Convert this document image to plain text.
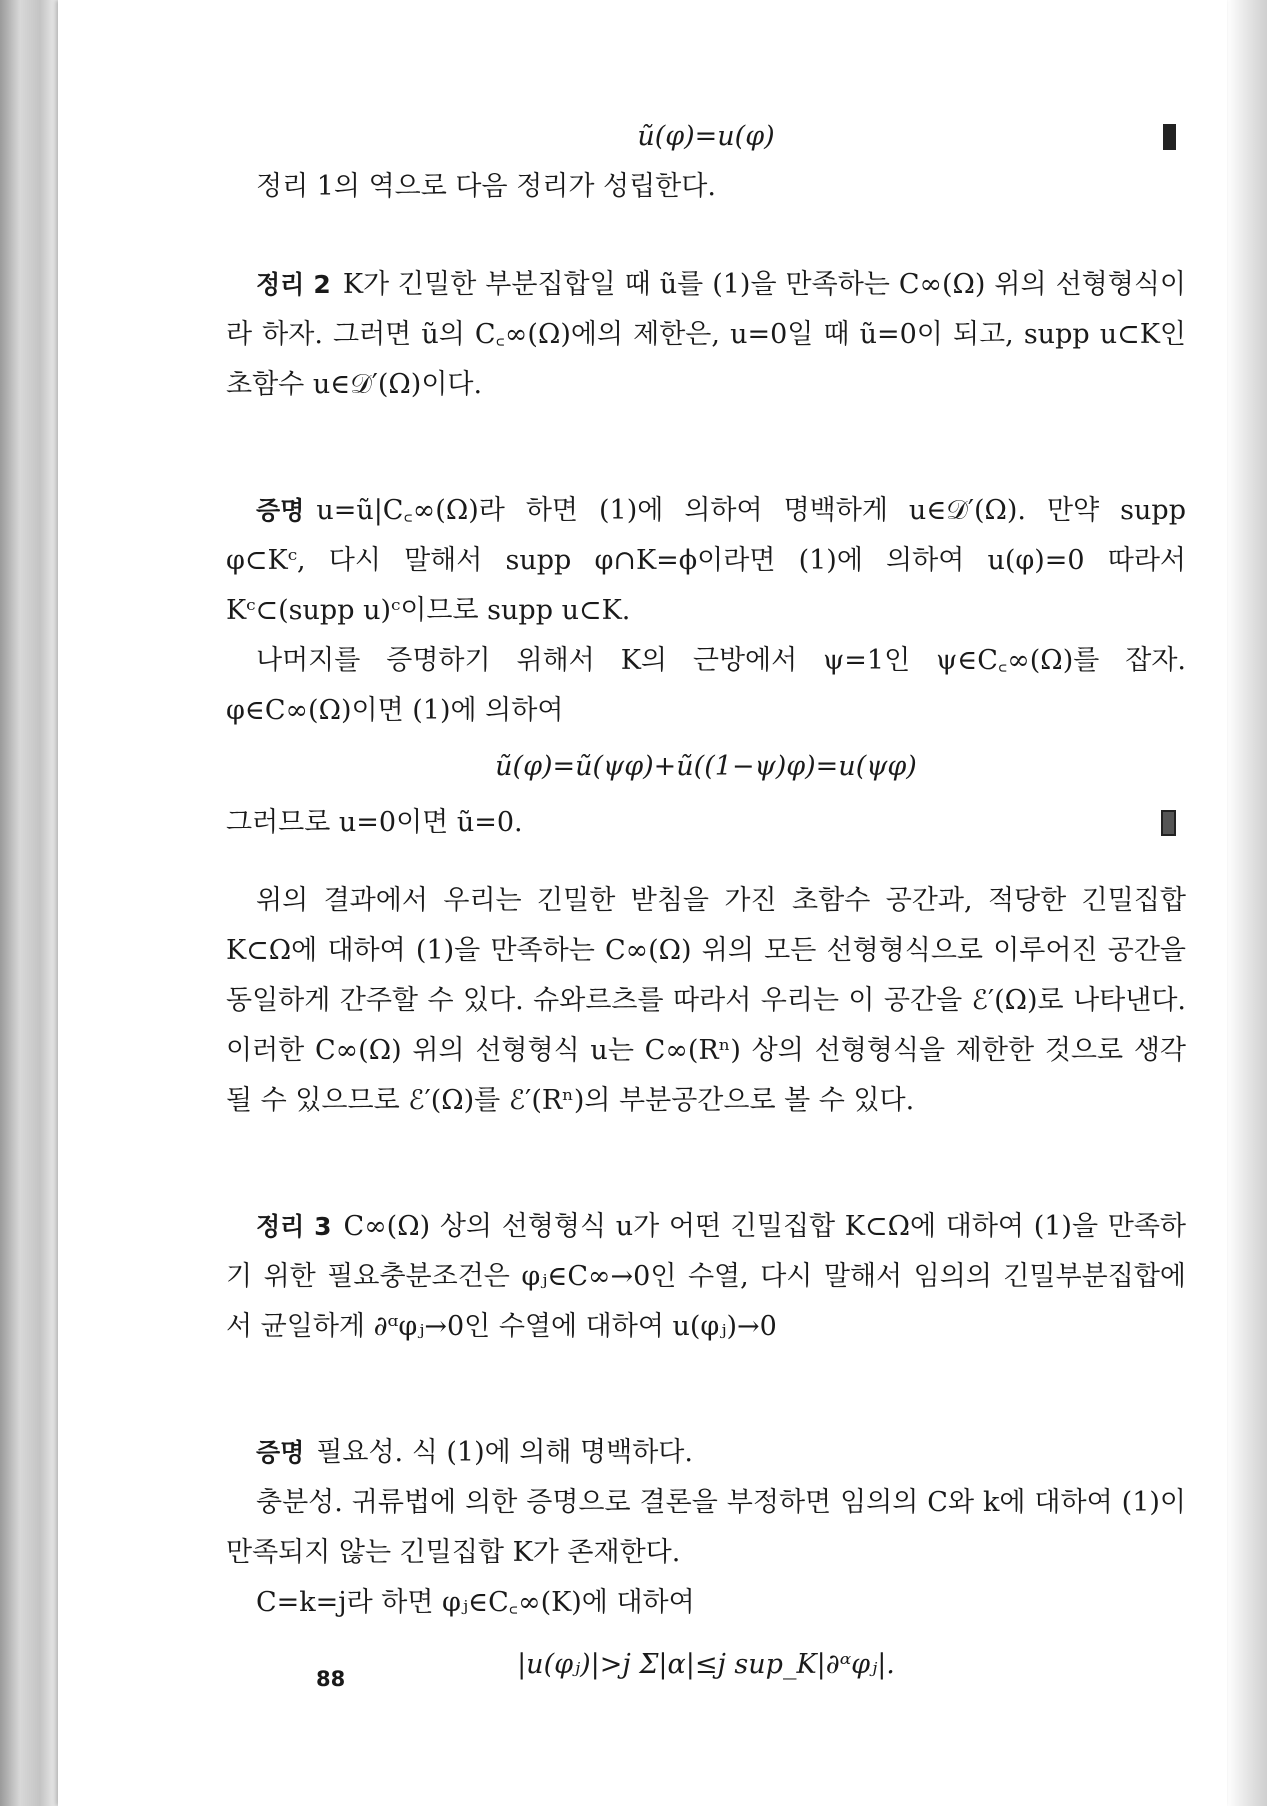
ũ(φ)=u(φ)

정리 1의 역으로 다음 정리가 성립한다.

정리 2 K가 긴밀한 부분집합일 때 ũ를 (1)을 만족하는 C∞(Ω) 위의 선형형식이라 하자. 그러면 ũ의 C꜀∞(Ω)에의 제한은, u=0일 때 ũ=0이 되고, supp u⊂K인 초함수 u∈𝒟′(Ω)이다.

증명 u=ũ|C꜀∞(Ω)라 하면 (1)에 의하여 명백하게 u∈𝒟′(Ω). 만약 supp φ⊂Kᶜ, 다시 말해서 supp φ∩K=ϕ이라면 (1)에 의하여 u(φ)=0 따라서 Kᶜ⊂(supp u)ᶜ이므로 supp u⊂K.

나머지를 증명하기 위해서 K의 근방에서 ψ=1인 ψ∈C꜀∞(Ω)를 잡자. φ∈C∞(Ω)이면 (1)에 의하여

ũ(φ)=ũ(ψφ)+ũ((1−ψ)φ)=u(ψφ)

그러므로 u=0이면 ũ=0.

위의 결과에서 우리는 긴밀한 받침을 가진 초함수 공간과, 적당한 긴밀집합 K⊂Ω에 대하여 (1)을 만족하는 C∞(Ω) 위의 모든 선형형식으로 이루어진 공간을 동일하게 간주할 수 있다. 슈와르츠를 따라서 우리는 이 공간을 ℰ′(Ω)로 나타낸다. 이러한 C∞(Ω) 위의 선형형식 u는 C∞(Rⁿ) 상의 선형형식을 제한한 것으로 생각될 수 있으므로 ℰ′(Ω)를 ℰ′(Rⁿ)의 부분공간으로 볼 수 있다.

정리 3 C∞(Ω) 상의 선형형식 u가 어떤 긴밀집합 K⊂Ω에 대하여 (1)을 만족하기 위한 필요충분조건은 φⱼ∈C∞→0인 수열, 다시 말해서 임의의 긴밀부분집합에서 균일하게 ∂ᵅφⱼ→0인 수열에 대하여 u(φⱼ)→0

증명 필요성. 식 (1)에 의해 명백하다.

충분성. 귀류법에 의한 증명으로 결론을 부정하면 임의의 C와 k에 대하여 (1)이 만족되지 않는 긴밀집합 K가 존재한다.

C=k=j라 하면 φⱼ∈C꜀∞(K)에 대하여

|u(φⱼ)|>j Σ|α|≤j sup_K|∂ᵅφⱼ|.
88
